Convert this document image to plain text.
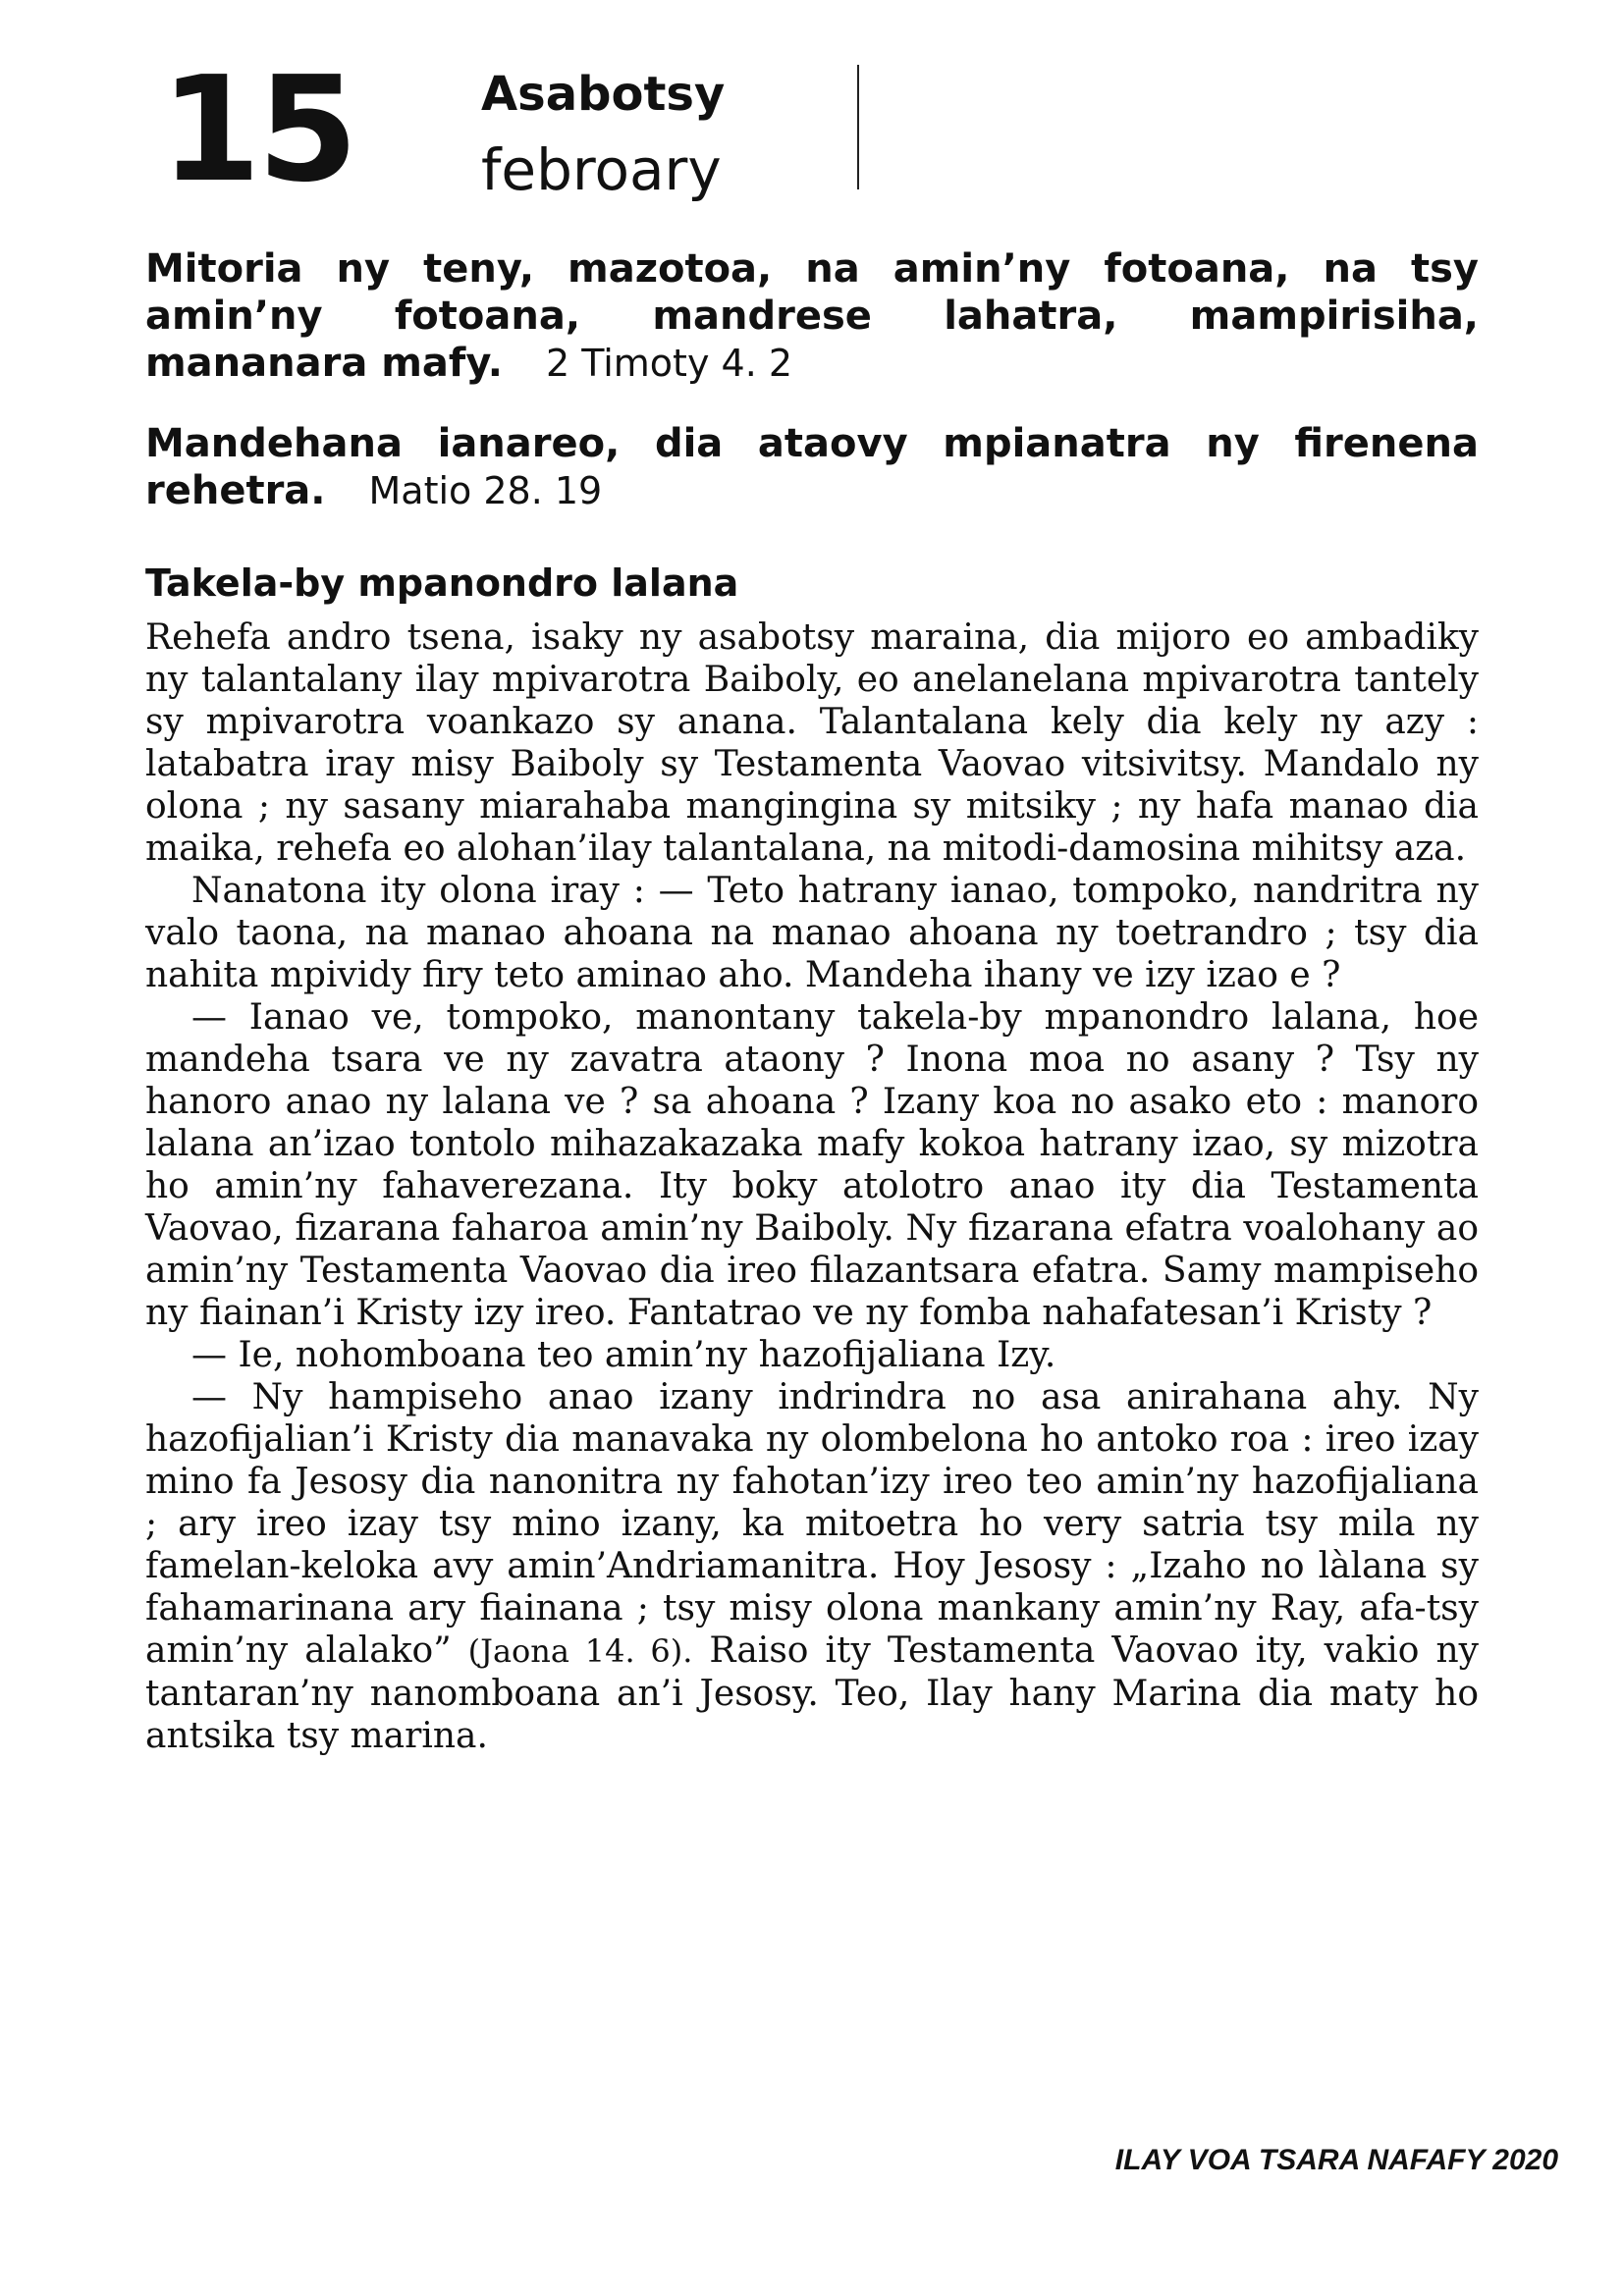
15	Asabotsy
febroary
Mitoria ny teny, mazotoa, na amin’ny fotoana, na tsy amin’ny fotoana, mandrese lahatra, mampirisiha, mananara mafy. 2 Timoty 4. 2
Mandehana ianareo, dia ataovy mpianatra ny firenena rehetra. Matio 28. 19
Takela-by mpanondro lalana

Rehefa andro tsena, isaky ny asabotsy maraina, dia mijoro eo ambadiky ny talantalany ilay mpivarotra Baiboly, eo anelanelana mpivarotra tantely sy mpivarotra voankazo sy anana. Talantalana kely dia kely ny azy : latabatra iray misy Baiboly sy Testamenta Vaovao vitsivitsy. Mandalo ny olona ; ny sasany miarahaba mangingina sy mitsiky ; ny hafa manao dia maika, rehefa eo alohan’ilay talantalana, na mitodi-damosina mihitsy aza.

Nanatona ity olona iray : — Teto hatrany ianao, tompoko, nandritra ny valo taona, na manao ahoana na manao ahoana ny toetrandro ; tsy dia nahita mpividy firy teto aminao aho. Mandeha ihany ve izy izao e ?

— Ianao ve, tompoko, manontany takela-by mpanondro lalana, hoe mandeha tsara ve ny zavatra ataony ? Inona moa no asany ? Tsy ny hanoro anao ny lalana ve ? sa ahoana ? Izany koa no asako eto : manoro lalana an’izao tontolo mihazakazaka mafy kokoa hatrany izao, sy mizotra ho amin’ny fahaverezana. Ity boky atolotro anao ity dia Testamenta Vaovao, fizarana faharoa amin’ny Baiboly. Ny fizarana efatra voalohany ao amin’ny Testamenta Vaovao dia ireo filazantsara efatra. Samy mampiseho ny fiainan’i Kristy izy ireo. Fantatrao ve ny fomba nahafatesan’i Kristy ?

— Ie, nohomboana teo amin’ny hazofijaliana Izy.

— Ny hampiseho anao izany indrindra no asa anirahana ahy. Ny hazofijalian’i Kristy dia manavaka ny olombelona ho antoko roa : ireo izay mino fa Jesosy dia nanonitra ny fahotan’izy ireo teo amin’ny hazofijaliana ; ary ireo izay tsy mino izany, ka mitoetra ho very satria tsy mila ny famelan-keloka avy amin’Andriamanitra. Hoy Jesosy : „Izaho no làlana sy fahamarinana ary fiainana ; tsy misy olona mankany amin’ny Ray, afa-tsy amin’ny alalako” (Jaona 14. 6). Raiso ity Testamenta Vaovao ity, vakio ny tantaran’ny nanomboana an’i Jesosy. Teo, Ilay hany Marina dia maty ho antsika tsy marina.

ILAY VOA TSARA NAFAFY 2020
